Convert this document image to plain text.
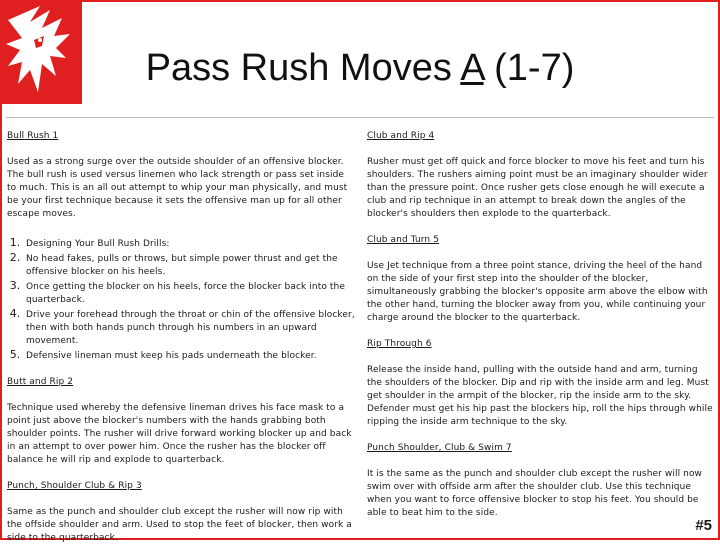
Pass Rush Moves A (1-7)

Bull Rush 1

Used as a strong surge over the outside shoulder of an offensive blocker. The bull rush is used versus linemen who lack strength or pass set inside to much. This is an all out attempt to whip your man physically, and must be your first technique because it sets the offensive man up for all other escape moves.

1. Designing Your Bull Rush Drills:
2. No head fakes, pulls or throws, but simple power thrust and get the offensive blocker on his heels.
3. Once getting the blocker on his heels, force the blocker back into the quarterback.
4. Drive your forehead through the throat or chin of the offensive blocker, then with both hands punch through his numbers in an upward movement.
5. Defensive lineman must keep his pads underneath the blocker.

Butt and Rip 2

Technique used whereby the defensive lineman drives his face mask to a point just above the blocker's numbers with the hands grabbing both shoulder points. The rusher will drive forward working blocker up and back in an attempt to over power him. Once the rusher has the blocker off balance he will rip and explode to quarterback.

Punch, Shoulder Club & Rip 3

Same as the punch and shoulder club except the rusher will now rip with the offside shoulder and arm. Used to stop the feet of blocker, then work a side to the quarterback.

Club and Rip 4

Rusher must get off quick and force blocker to move his feet and turn his shoulders. The rushers aiming point must be an imaginary shoulder wider than the pressure point. Once rusher gets close enough he will execute a club and rip technique in an attempt to break down the angles of the blocker's shoulders then explode to the quarterback.

Club and Turn 5

Use Jet technique from a three point stance, driving the heel of the hand on the side of your first step into the shoulder of the blocker, simultaneously grabbing the blocker's opposite arm above the elbow with the other hand, turning the blocker away from you, while continuing your charge around the blocker to the quarterback.

Rip Through 6

Release the inside hand, pulling with the outside hand and arm, turning the shoulders of the blocker. Dip and rip with the inside arm and leg. Must get shoulder in the armpit of the blocker, rip the inside arm to the sky. Defender must get his hip past the blockers hip, roll the hips through while ripping the inside arm technique to the sky.

Punch Shoulder, Club & Swim 7

It is the same as the punch and shoulder club except the rusher will now swim over with offside arm after the shoulder club. Use this technique when you want to force offensive blocker to stop his feet. You should be able to beat him to the side.

#5
